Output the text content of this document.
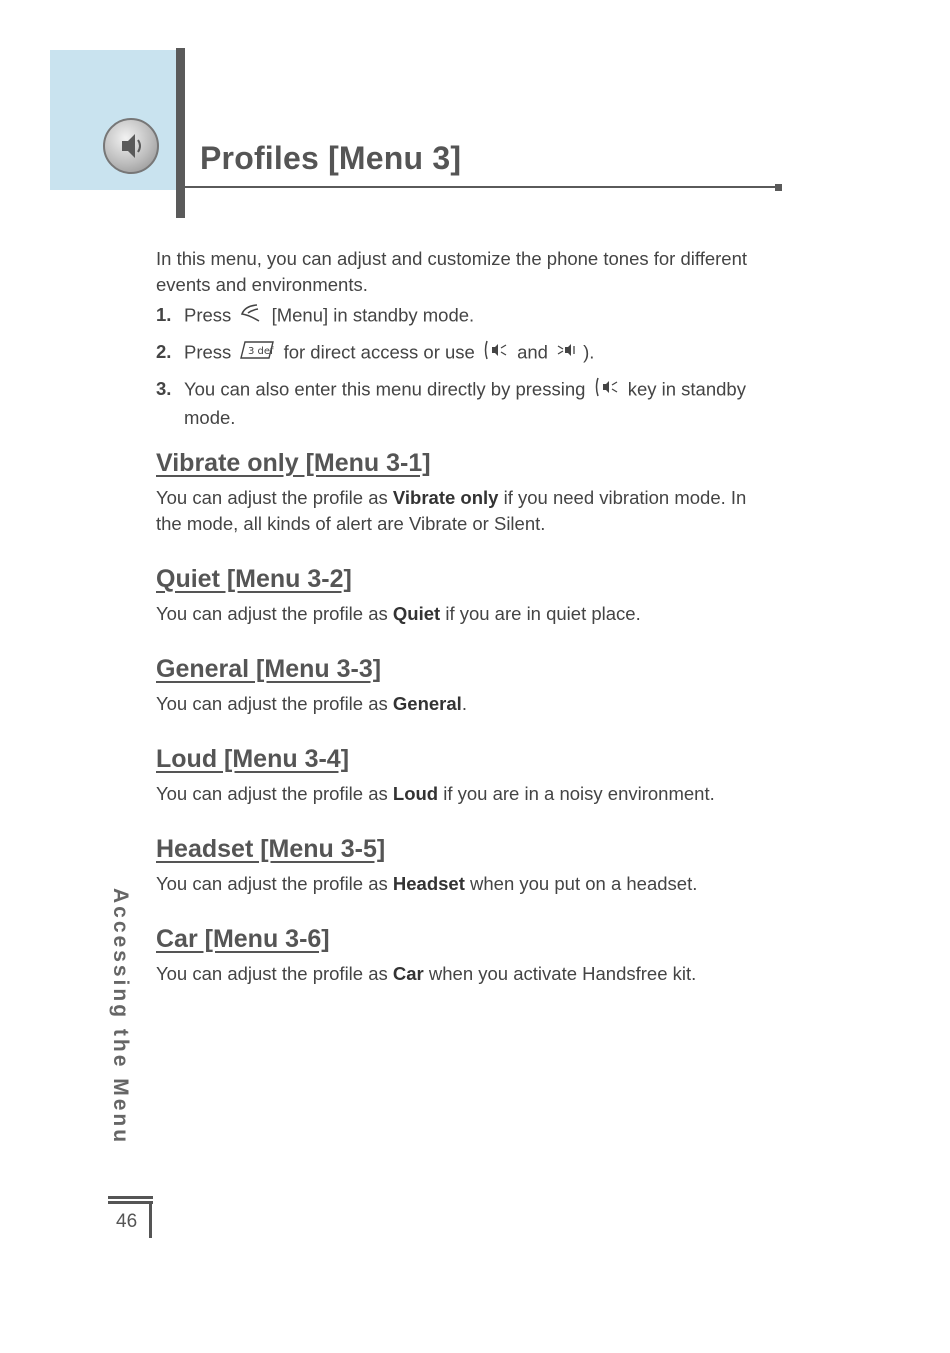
Profiles [Menu 3]

In this menu, you can adjust and customize the phone tones for different events and environments.

1. Press [Menu] in standby mode.
2. Press 3 def for direct access or use and ).
3. You can also enter this menu directly by pressing key in standby mode.
Vibrate only [Menu 3-1]

You can adjust the profile as Vibrate only if you need vibration mode. In the mode, all kinds of alert are Vibrate or Silent.

Quiet [Menu 3-2]

You can adjust the profile as Quiet if you are in quiet place.

General [Menu 3-3]

You can adjust the profile as General.

Loud [Menu 3-4]

You can adjust the profile as Loud if you are in a noisy environment.

Headset [Menu 3-5]

You can adjust the profile as Headset when you put on a headset.

Car [Menu 3-6]

You can adjust the profile as Car when you activate Handsfree kit.

Accessing the Menu
46
